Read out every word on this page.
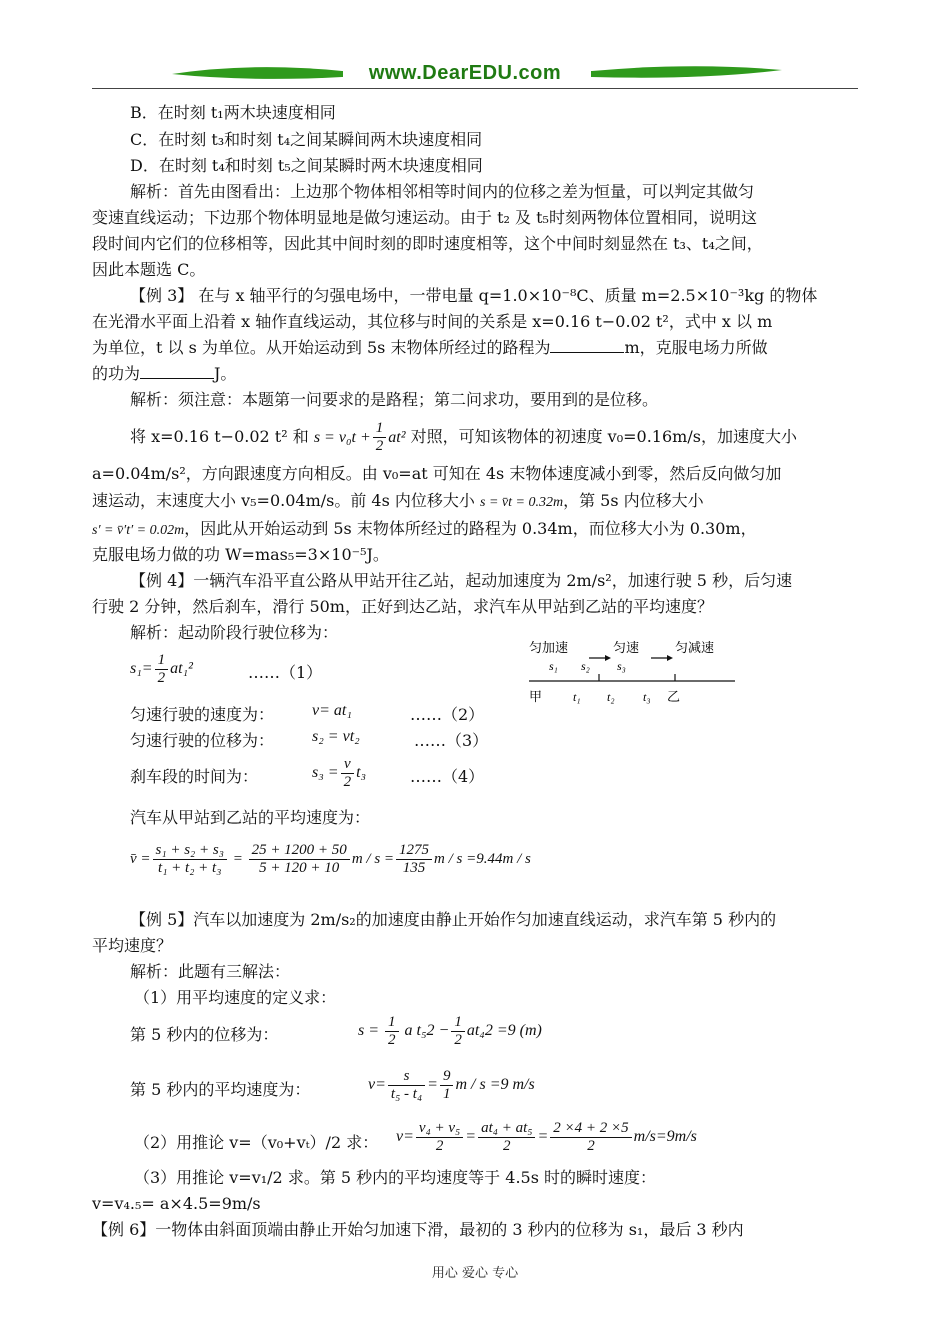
www.DearEDU.com
B．在时刻 t₁两木块速度相同
C．在时刻 t₃和时刻 t₄之间某瞬间两木块速度相同
D．在时刻 t₄和时刻 t₅之间某瞬时两木块速度相同
解析：首先由图看出：上边那个物体相邻相等时间内的位移之差为恒量，可以判定其做匀
变速直线运动；下边那个物体明显地是做匀速运动。由于 t₂ 及 t₅时刻两物体位置相同，说明这
段时间内它们的位移相等，因此其中间时刻的即时速度相等，这个中间时刻显然在 t₃、t₄之间，
因此本题选 C。
【例 3】 在与 x 轴平行的匀强电场中，一带电量 q=1.0×10⁻⁸C、质量 m=2.5×10⁻³kg 的物体
在光滑水平面上沿着 x 轴作直线运动，其位移与时间的关系是 x=0.16 t−0.02 t²，式中 x 以 m
为单位，t 以 s 为单位。从开始运动到 5s 末物体所经过的路程为	m，克服电场力所做
的功为	J。
解析：须注意：本题第一问要求的是路程；第二问求功，要用到的是位移。
将 x=0.16 t−0.02 t² 和 $s = v_0t + \frac{1}{2} at^2$ 对照，可知该物体的初速度 v₀=0.16m/s，加速度大小
a=0.04m/s²，方向跟速度方向相反。由 v₀=at 可知在 4s 末物体速度减小到零，然后反向做匀加
速运动，末速度大小 v₅=0.04m/s。前 4s 内位移大小 s = v̄t = 0.32m，第 5s 内位移大小
s′ = v̄′t′ = 0.02m，因此从开始运动到 5s 末物体所经过的路程为 0.34m，而位移大小为 0.30m，
克服电场力做的功 W=mas₅=3×10⁻⁵J。
【例 4】一辆汽车沿平直公路从甲站开往乙站，起动加速度为 2m/s²，加速行驶 5 秒，后匀速
行驶 2 分钟，然后刹车，滑行 50m，正好到达乙站，求汽车从甲站到乙站的平均速度？
解析：起动阶段行驶位移为：
$s_1= \frac{1}{2} at_1^2$	……（1）
匀速行驶的速度为： v= at₁	……（2）
匀速行驶的位移为： s₂ = vt₂	……（3）
刹车段的时间为：	$s_3 = \frac{v}{2} t_3$	……（4）
汽车从甲站到乙站的平均速度为：
v̄ = $\frac{\text{s₁ + s₂ + s₃}}{\text{t₁ + t₂ + t₃}} = \frac{25 + 1200 + 50}{5 + 120 + 10}$ $m / s = \frac{1275}{135}$ m / s =9.44m / s
匀加速	匀速	匀减速
s₁ s₂ s₃
甲	t₁ t₂ t₃ 乙
【例 5】汽车以加速度为 2m/s₂的加速度由静止开始作匀加速直线运动，求汽车第 5 秒内的
平均速度？
解析：此题有三解法：
（1）用平均速度的定义求：
第 5 秒内的位移为：	$s = \frac{1}{2}$ a $t_52 - \frac{1}{2} at_42 =9$ (m)
第 5 秒内的平均速度为：	$v= \frac{s}{\text{t₅ - t₄}} = \frac{9}{1}$ m / s =9 m/s
（2）用推论 v=（v₀+vₜ）/2 求： $v= \frac{\text{v₄ + v₅}}{2} = \frac{\text{at₄ + at₅}}{2} = \frac{2 \times 4 + 2 \times 5}{2} m/s=9m/s$
（3）用推论 v=v₁/2 求。第 5 秒内的平均速度等于 4.5s 时的瞬时速度：
v=v₄.₅= a×4.5=9m/s
【例 6】一物体由斜面顶端由静止开始匀加速下滑，最初的 3 秒内的位移为 s₁，最后 3 秒内
用心 爱心 专心
